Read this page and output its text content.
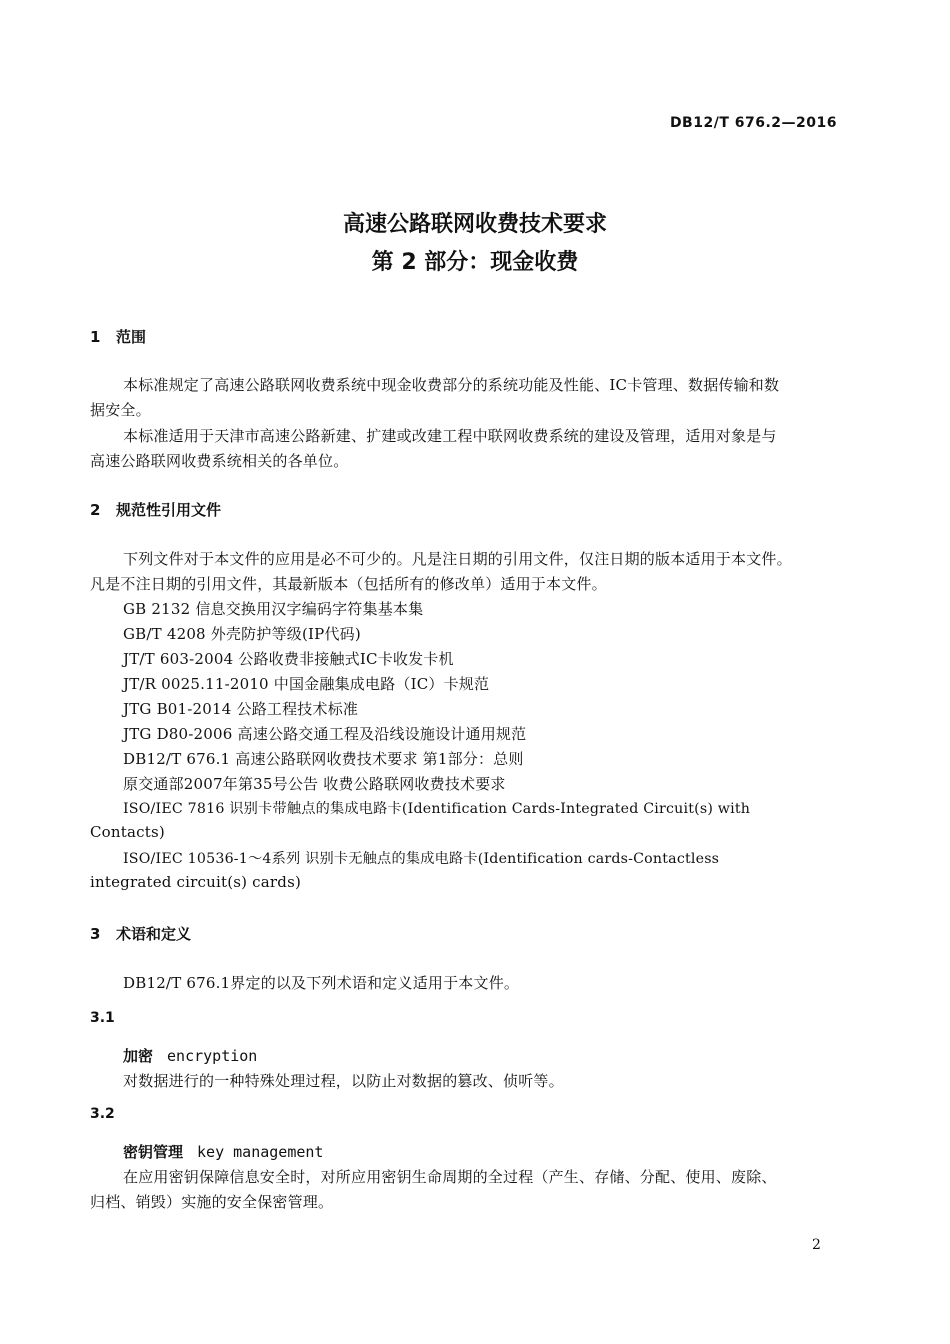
DB12/T 676.2—2016
高速公路联网收费技术要求
第 2 部分：现金收费
1 范围
本标准规定了高速公路联网收费系统中现金收费部分的系统功能及性能、IC卡管理、数据传输和数
据安全。
本标准适用于天津市高速公路新建、扩建或改建工程中联网收费系统的建设及管理，适用对象是与
高速公路联网收费系统相关的各单位。
2 规范性引用文件
下列文件对于本文件的应用是必不可少的。凡是注日期的引用文件，仅注日期的版本适用于本文件。
凡是不注日期的引用文件，其最新版本（包括所有的修改单）适用于本文件。
GB 2132 信息交换用汉字编码字符集基本集
GB/T 4208 外壳防护等级(IP代码)
JT/T 603-2004 公路收费非接触式IC卡收发卡机
JT/R 0025.11-2010 中国金融集成电路（IC）卡规范
JTG B01-2014 公路工程技术标准
JTG D80-2006 高速公路交通工程及沿线设施设计通用规范
DB12/T 676.1 高速公路联网收费技术要求 第1部分：总则
原交通部2007年第35号公告 收费公路联网收费技术要求
ISO/IEC 7816 识别卡带触点的集成电路卡(Identification Cards-Integrated Circuit(s) with
Contacts)
ISO/IEC 10536-1～4系列 识别卡无触点的集成电路卡(Identification cards-Contactless
integrated circuit(s) cards)
3 术语和定义
DB12/T 676.1界定的以及下列术语和定义适用于本文件。
3.1
加密 encryption
对数据进行的一种特殊处理过程，以防止对数据的篡改、侦听等。
3.2
密钥管理 key management
在应用密钥保障信息安全时，对所应用密钥生命周期的全过程（产生、存储、分配、使用、废除、
归档、销毁）实施的安全保密管理。
2
